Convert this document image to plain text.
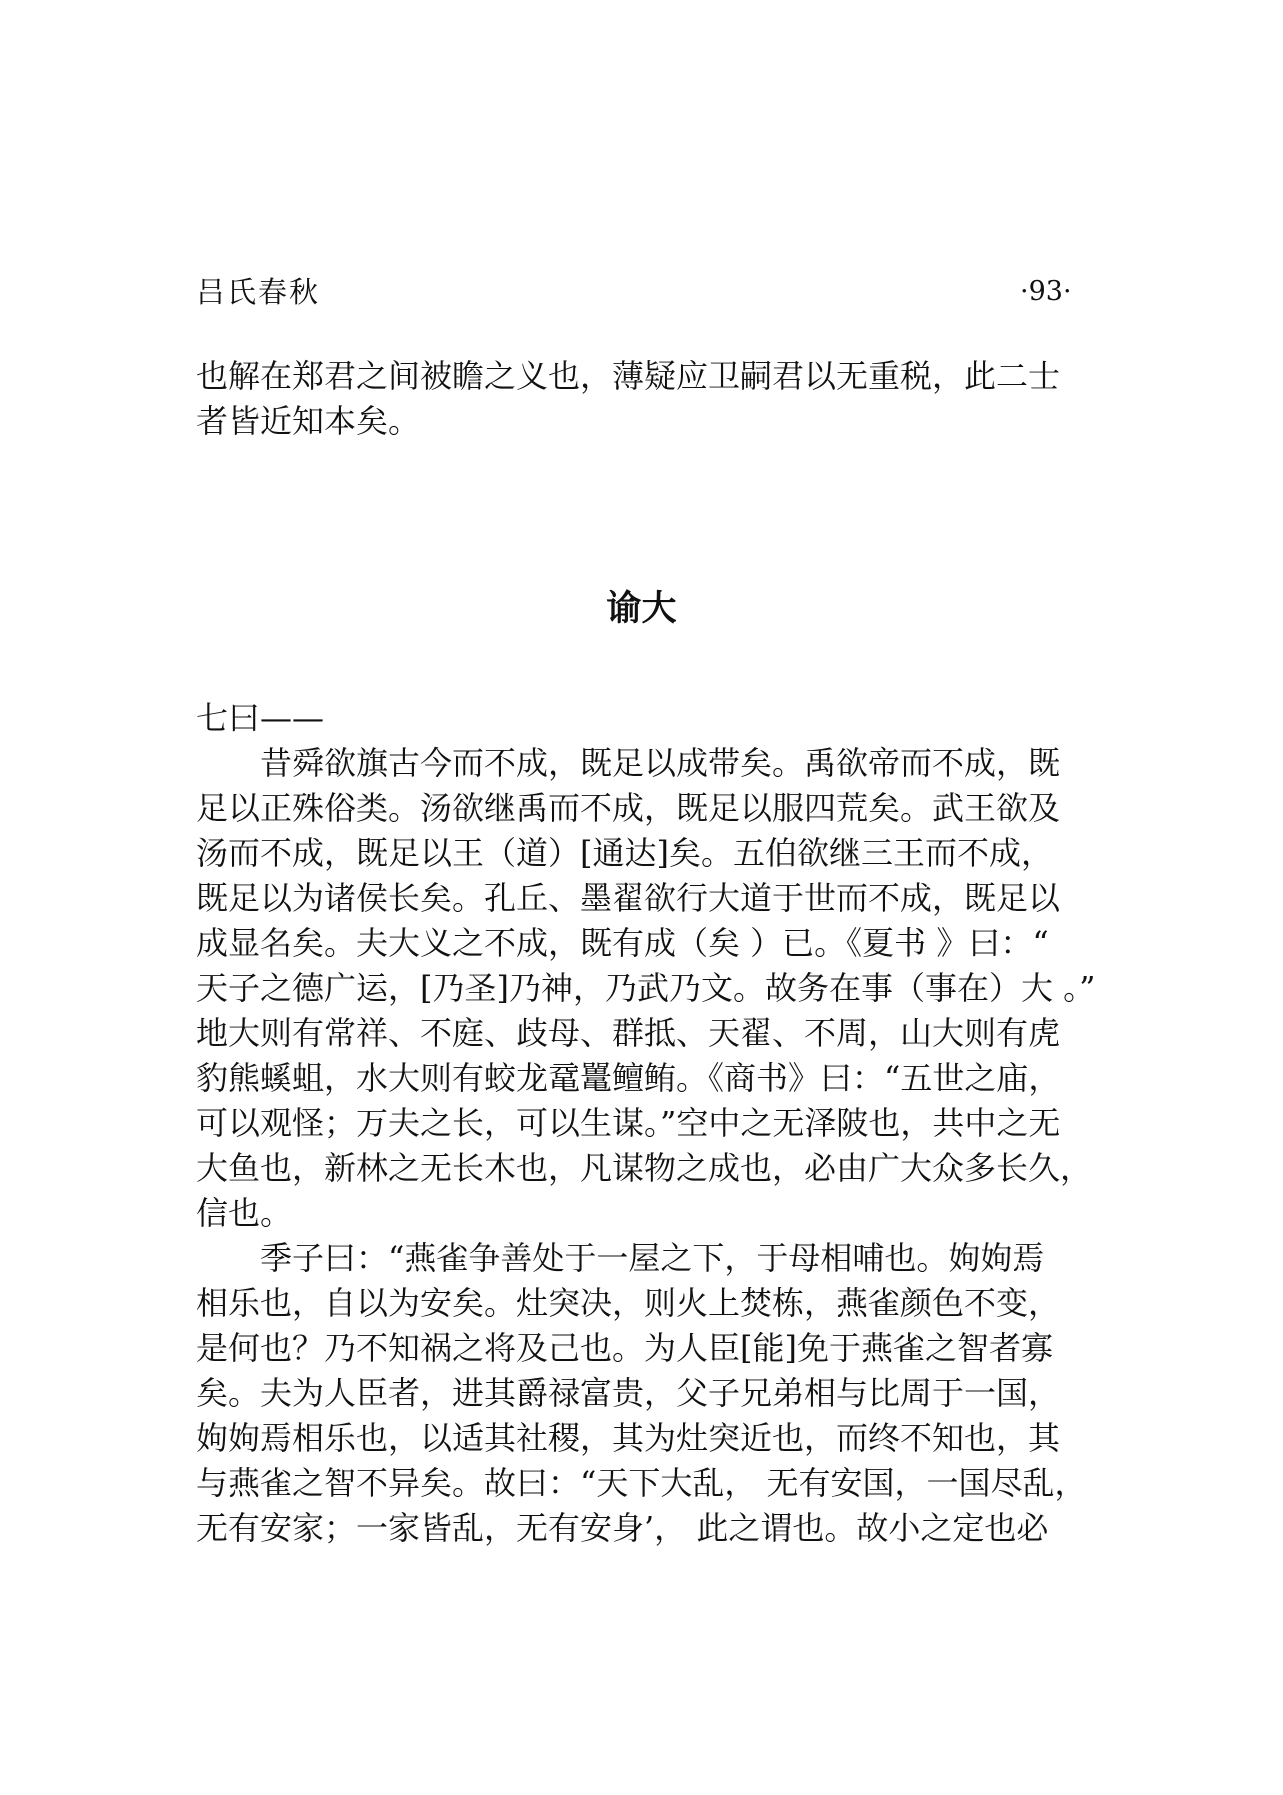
吕氏春秋	·93·
也解在郑君之间被瞻之义也，薄疑应卫嗣君以无重税，此二士
者皆近知本矣。
谕大
七曰——
昔舜欲旗古今而不成，既足以成带矣。禹欲帝而不成，既
足以正殊俗类。汤欲继禹而不成，既足以服四荒矣。武王欲及
汤而不成，既足以王（道）[通达]矣。五伯欲继三王而不成，
既足以为诸侯长矣。孔丘、墨翟欲行大道于世而不成，既足以
成显名矣。夫大义之不成，既有成（矣 ）已。《夏书 》曰：“
天子之德广运，[乃圣]乃神，乃武乃文。故务在事（事在）大 。”
地大则有常祥、不庭、歧母、群抵、天翟、不周，山大则有虎
豹熊螇蛆，水大则有蛟龙鼋鼍鳣鲔。《商书》曰：“五世之庙，
可以观怪；万夫之长，可以生谋。”空中之无泽陂也，共中之无
大鱼也，新林之无长木也，凡谋物之成也，必由广大众多长久，
信也。
季子曰：“燕雀争善处于一屋之下，于母相哺也。姁姁焉
相乐也，自以为安矣。灶突决，则火上焚栋，燕雀颜色不变，
是何也？乃不知祸之将及己也。为人臣[能]免于燕雀之智者寡
矣。夫为人臣者，进其爵禄富贵，父子兄弟相与比周于一国，
姁姁焉相乐也，以适其社稷，其为灶突近也，而终不知也，其
与燕雀之智不异矣。故曰：“天下大乱， 无有安国，一国尽乱，
无有安家；一家皆乱，无有安身’， 此之谓也。故小之定也必
